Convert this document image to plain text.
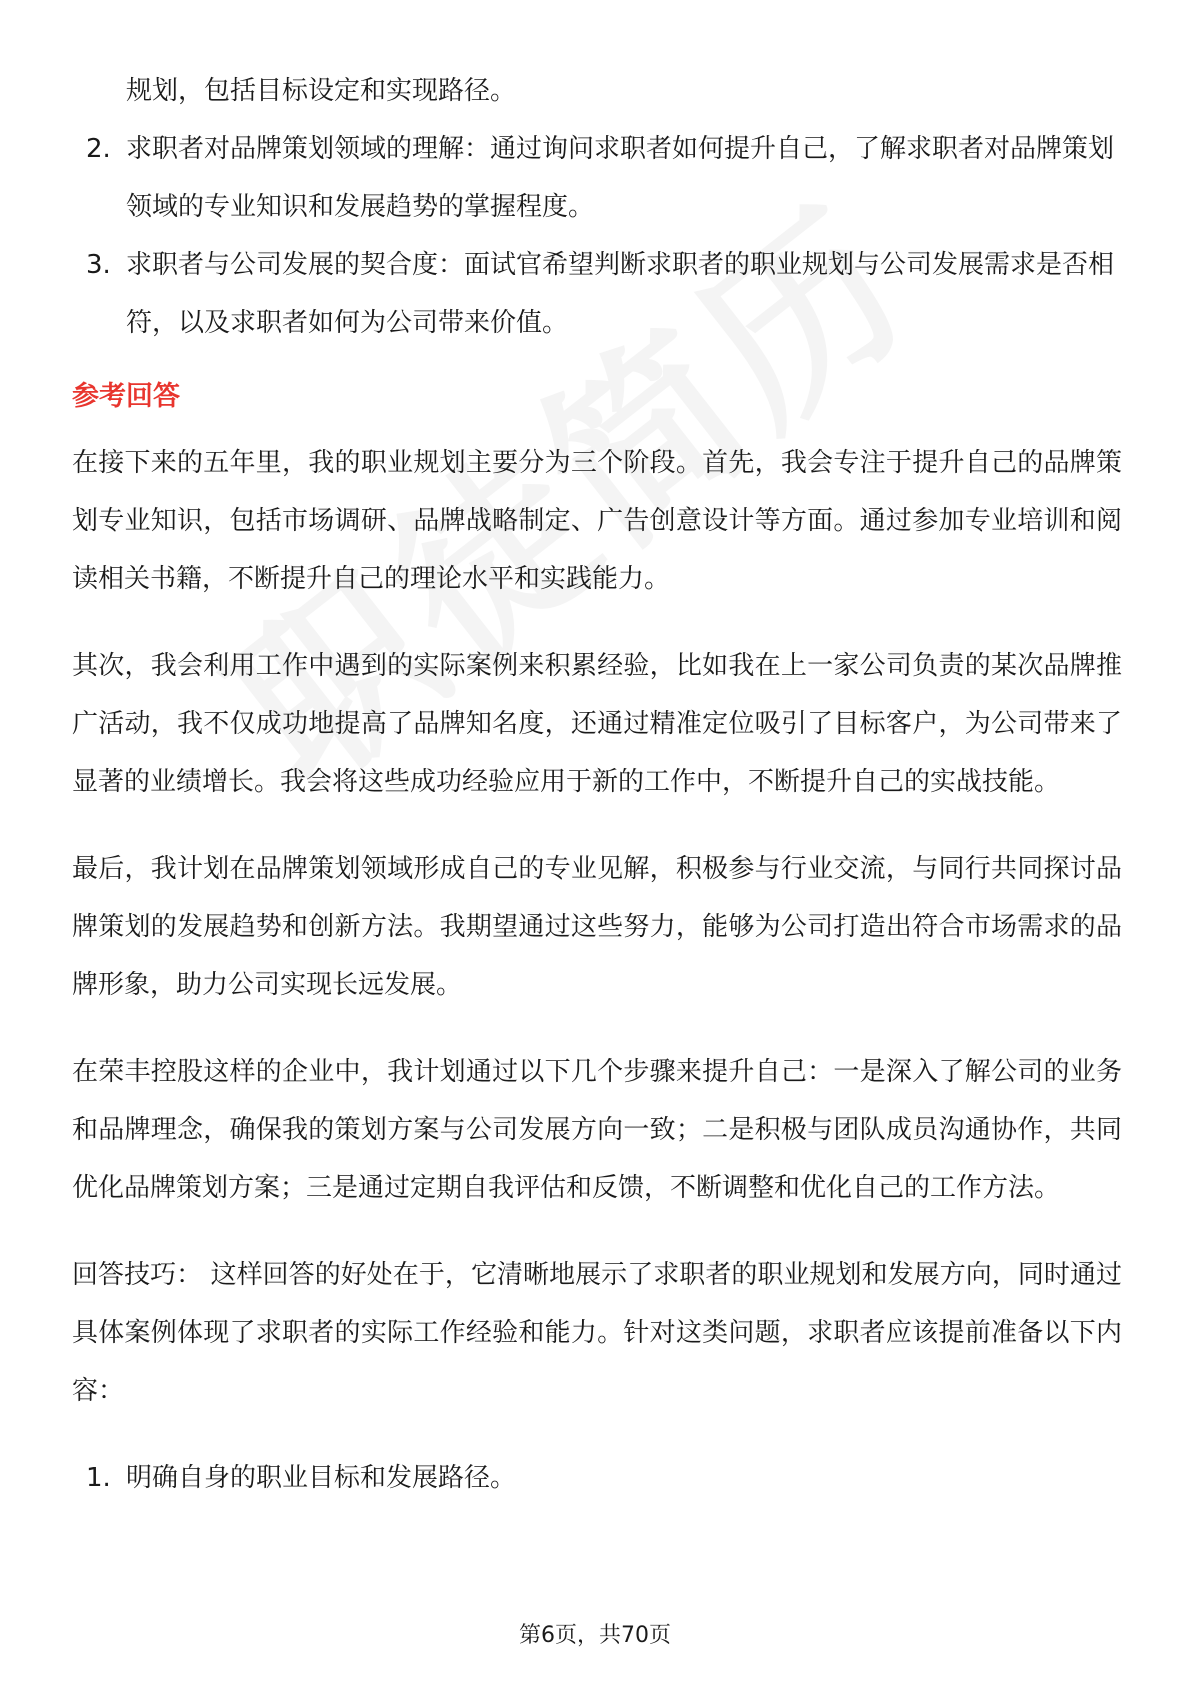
规划，包括目标设定和实现路径。

2. 求职者对品牌策划领域的理解：通过询问求职者如何提升自己，了解求职者对品牌策划领域的专业知识和发展趋势的掌握程度。
3. 求职者与公司发展的契合度：面试官希望判断求职者的职业规划与公司发展需求是否相符，以及求职者如何为公司带来价值。
参考回答

在接下来的五年里，我的职业规划主要分为三个阶段。首先，我会专注于提升自己的品牌策划专业知识，包括市场调研、品牌战略制定、广告创意设计等方面。通过参加专业培训和阅读相关书籍，不断提升自己的理论水平和实践能力。

其次，我会利用工作中遇到的实际案例来积累经验，比如我在上一家公司负责的某次品牌推广活动，我不仅成功地提高了品牌知名度，还通过精准定位吸引了目标客户，为公司带来了显著的业绩增长。我会将这些成功经验应用于新的工作中，不断提升自己的实战技能。

最后，我计划在品牌策划领域形成自己的专业见解，积极参与行业交流，与同行共同探讨品牌策划的发展趋势和创新方法。我期望通过这些努力，能够为公司打造出符合市场需求的品牌形象，助力公司实现长远发展。

在荣丰控股这样的企业中，我计划通过以下几个步骤来提升自己：一是深入了解公司的业务和品牌理念，确保我的策划方案与公司发展方向一致；二是积极与团队成员沟通协作，共同优化品牌策划方案；三是通过定期自我评估和反馈，不断调整和优化自己的工作方法。

回答技巧： 这样回答的好处在于，它清晰地展示了求职者的职业规划和发展方向，同时通过具体案例体现了求职者的实际工作经验和能力。针对这类问题，求职者应该提前准备以下内容：

1. 明确自身的职业目标和发展路径。
第6页，共70页
